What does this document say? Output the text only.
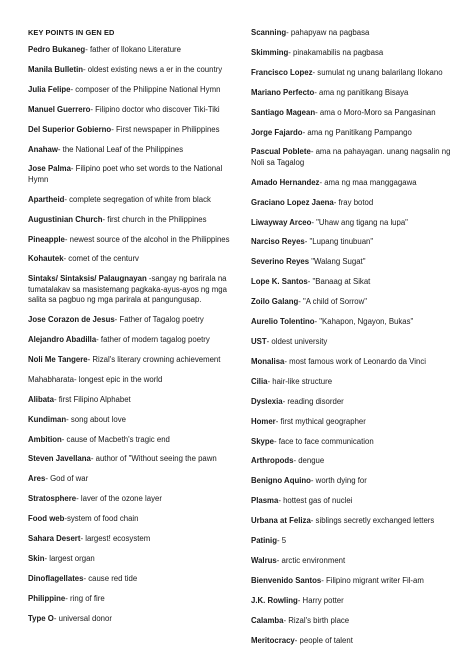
KEY POINTS IN GEN ED
Pedro Bukaneg- father of Ilokano Literature
Manila Bulletin- oldest existing news a er in the country
Julia Felipe- composer of the Philippine National Hymn
Manuel Guerrero- Filipino doctor who discover Tiki-Tiki
Del Superior Gobierno- First newspaper in Philippines
Anahaw- the National Leaf of the Philippines
Jose Palma- Filipino poet who set words to the National Hymn
Apartheid- complete seqregation of white from black
Augustinian Church- first church in the Philippines
Pineapple- newest source of the alcohol in the Philippines
Kohautek- comet of the centurv
Sintaks/ Sintaksis/ Palaugnayan -sangay ng barirala na tumatalakav sa masistemang pagkaka-ayus-ayos ng mga salita sa pagbuo ng mga parirala at pangungusap.
Jose Corazon de Jesus- Father of Tagalog poetry
Alejandro Abadilla- father of modern tagalog poetry
Noli Me Tangere- Rizal's literary crowning achievement
Mahabharata- longest epic in the world
Alibata- first Filipino Alphabet
Kundiman- song about love
Ambition- cause of Macbeth's tragic end
Steven Javellana- author of "Without seeing the pawn
Ares- God of war
Stratosphere- laver of the ozone layer
Food web-system of food chain
Sahara Desert- largest! ecosystem
Skin- largest organ
Dinoflagellates- cause red tide
Philippine- ring of fire
Type O- universal donor
Scanning- pahapyaw na pagbasa
Skimming- pinakamabilis na pagbasa
Francisco Lopez- sumulat ng unang balarilang Ilokano
Mariano Perfecto- ama ng panitikang Bisaya
Santiago Magean- ama o Moro-Moro sa Pangasinan
Jorge Fajardo- ama ng Panitikang Pampango
Pascual Poblete- ama na pahayagan. unang nagsalin ng Noli sa Tagalog
Amado Hernandez- ama ng maa manggagawa
Graciano Lopez Jaena- fray botod
Liwayway Arceo- "Uhaw ang tigang na lupa"
Narciso Reyes- "Lupang tinubuan"
Severino Reyes "Walang Sugat"
Lope K. Santos- "Banaag at Sikat
Zoilo Galang- "A child of Sorrow"
Aurelio Tolentino- "Kahapon, Ngayon, Bukas"
UST- oldest university
Monalisa- most famous work of Leonardo da Vinci
Cilia- hair-like structure
Dyslexia- reading disorder
Homer- first mythical geographer
Skype- face to face communication
Arthropods- dengue
Benigno Aquino- worth dying for
Plasma- hottest gas of nuclei
Urbana at Feliza- siblings secretly exchanged letters
Patinig- 5
Walrus- arctic environment
Bienvenido Santos- Filipino migrant writer Fil-am
J.K. Rowling- Harry potter
Calamba- Rizal's birth place
Meritocracy- people of talent
